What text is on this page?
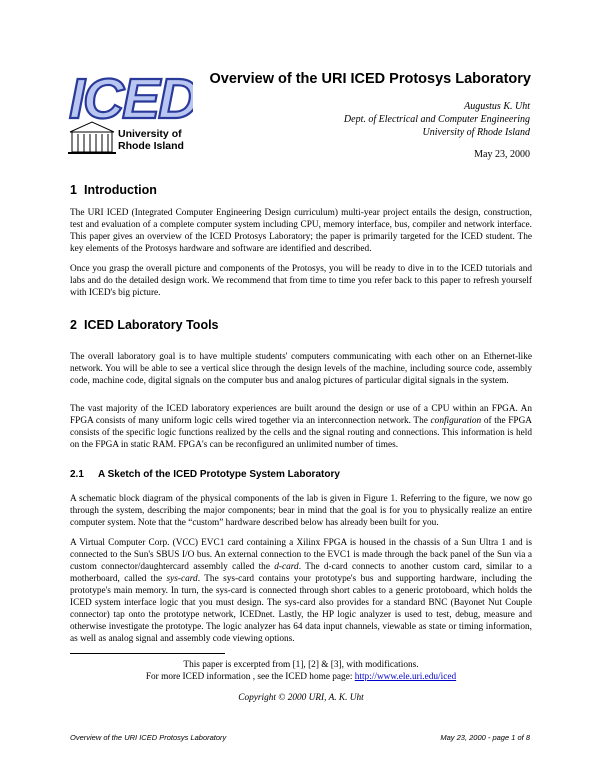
ICED
University of
Rhode Island
Overview of the URI ICED Protosys Laboratory
Augustus K. Uht
Dept. of Electrical and Computer Engineering
University of Rhode Island
May 23, 2000
1 Introduction

The URI ICED (Integrated Computer Engineering Design curriculum) multi-year project entails the design, construction, test and evaluation of a complete computer system including CPU, memory interface, bus, compiler and network interface. This paper gives an overview of the ICED Protosys Laboratory; the paper is primarily targeted for the ICED student. The key elements of the Protosys hardware and software are identified and described.

Once you grasp the overall picture and components of the Protosys, you will be ready to dive in to the ICED tutorials and labs and do the detailed design work. We recommend that from time to time you refer back to this paper to refresh yourself with ICED's big picture.

2 ICED Laboratory Tools

The overall laboratory goal is to have multiple students' computers communicating with each other on an Ethernet-like network. You will be able to see a vertical slice through the design levels of the machine, including source code, assembly code, machine code, digital signals on the computer bus and analog pictures of particular digital signals in the system.

The vast majority of the ICED laboratory experiences are built around the design or use of a CPU within an FPGA. An FPGA consists of many uniform logic cells wired together via an interconnection network. The configuration of the FPGA consists of the specific logic functions realized by the cells and the signal routing and connections. This information is held on the FPGA in static RAM. FPGA's can be reconfigured an unlimited number of times.

2.1 A Sketch of the ICED Prototype System Laboratory

A schematic block diagram of the physical components of the lab is given in Figure 1. Referring to the figure, we now go through the system, describing the major components; bear in mind that the goal is for you to physically realize an entire computer system. Note that the “custom” hardware described below has already been built for you.

A Virtual Computer Corp. (VCC) EVC1 card containing a Xilinx FPGA is housed in the chassis of a Sun Ultra 1 and is connected to the Sun's SBUS I/O bus. An external connection to the EVC1 is made through the back panel of the Sun via a custom connector/daughtercard assembly called the d-card. The d-card connects to another custom card, similar to a motherboard, called the sys-card. The sys-card contains your prototype's bus and supporting hardware, including the prototype's main memory. In turn, the sys-card is connected through short cables to a generic protoboard, which holds the ICED system interface logic that you must design. The sys-card also provides for a standard BNC (Bayonet Nut Couple connector) tap onto the prototype network, ICEDnet. Lastly, the HP logic analyzer is used to test, debug, measure and otherwise investigate the prototype. The logic analyzer has 64 data input channels, viewable as state or timing information, as well as analog signal and assembly code viewing options.

This paper is excerpted from [1], [2] & [3], with modifications.
For more ICED information , see the ICED home page: http://www.ele.uri.edu/iced
Copyright © 2000 URI, A. K. Uht
Overview of the URI ICED Protosys Laboratory	May 23, 2000 - page 1 of 8
